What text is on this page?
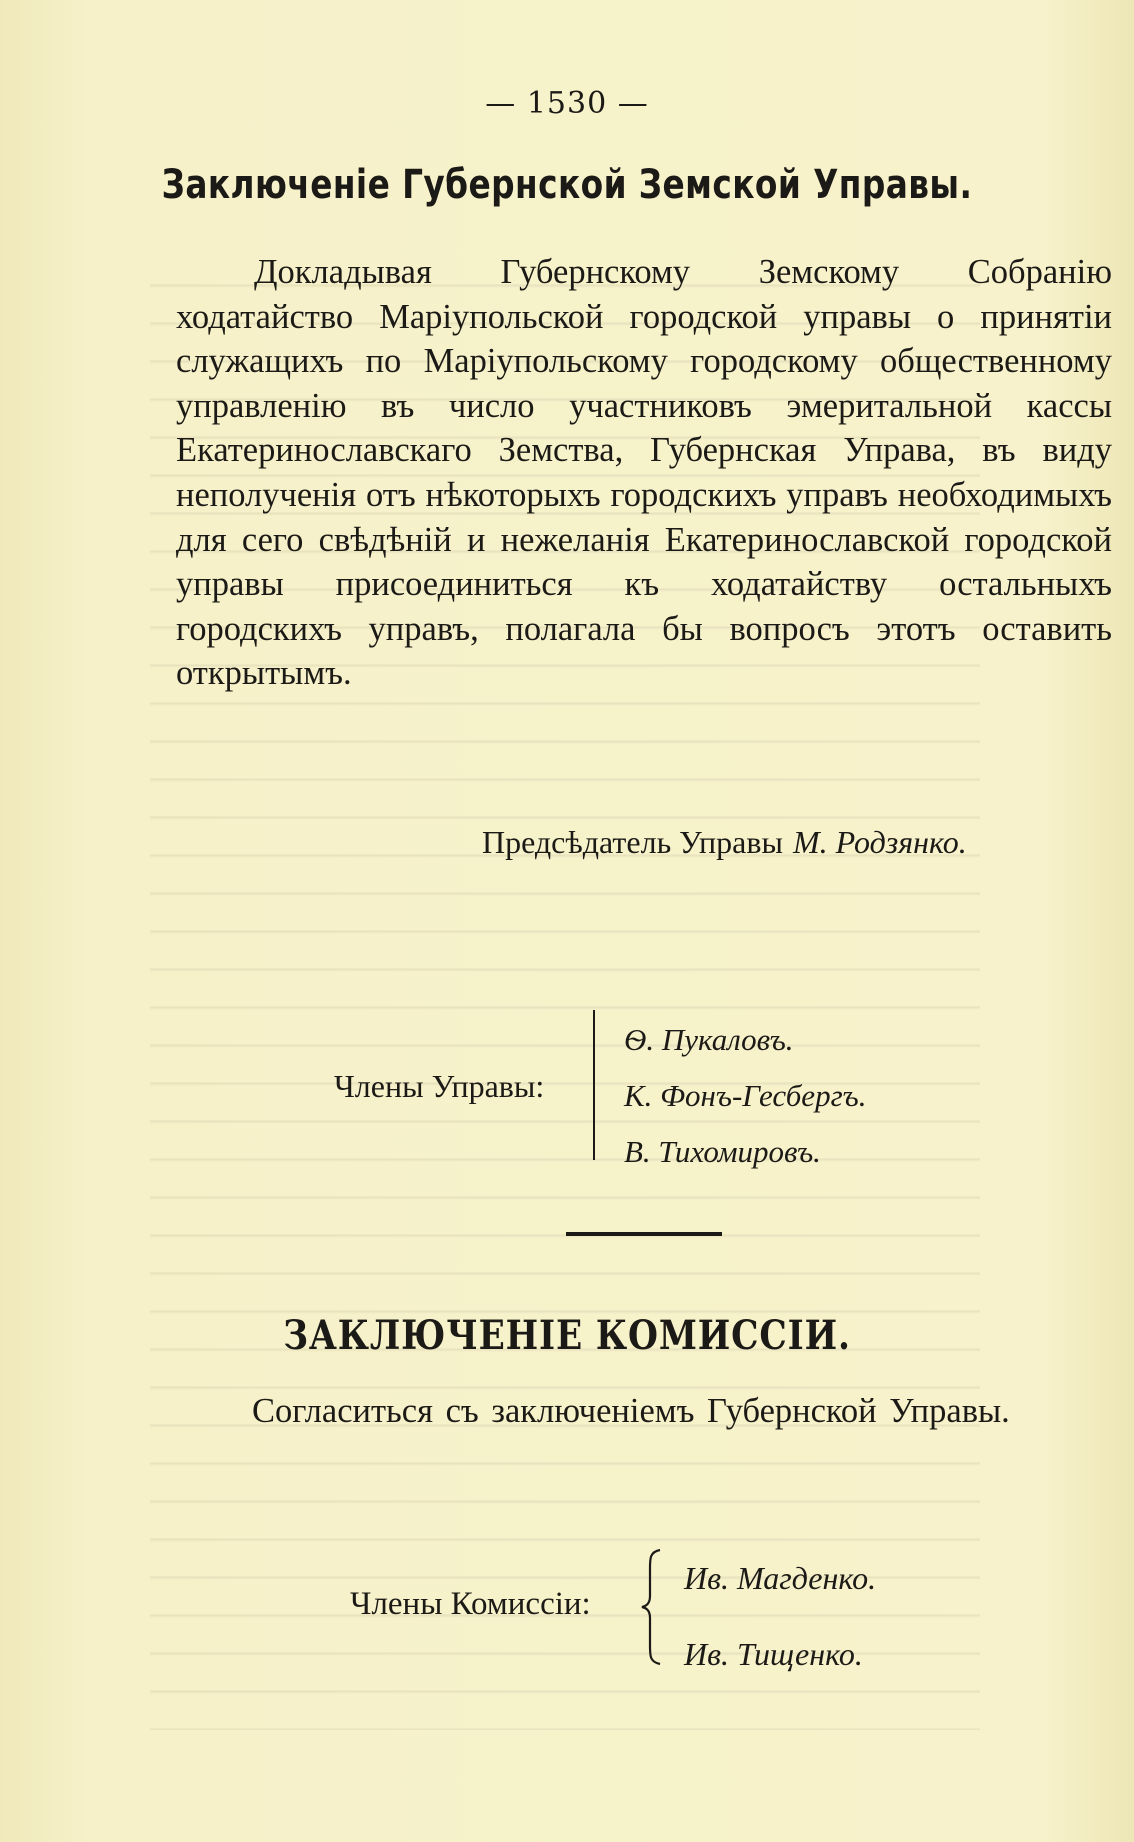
— 1530 —
Заключенiе Губернской Земской Управы.

Докладывая Губернскому Земскому Собранiю ходатайство Марiупольской городской управы о принятiи служащихъ по Марiупольскому городскому общественному управленiю въ число участниковъ эмеритальной кассы Екатеринославскаго Земства, Губернская Управа, въ виду неполученiя отъ нѣкоторыхъ городскихъ управъ необходимыхъ для сего свѣдѣнiй и нежеланiя Екатеринославской городской управы присоединиться къ ходатайству остальныхъ городскихъ управъ, полагала бы вопросъ этотъ оставить открытымъ.

Предсѣдатель Управы М. Родзянко.
Члены Управы:
Ѳ. Пукаловъ.
К. Фонъ-Гесбергъ.
В. Тихомировъ.
ЗАКЛЮЧЕНIЕ КОМИССIИ.
Согласиться съ заключенiемъ Губернской Управы.
Члены Комиссiи:
Ив. Магденко.
Ив. Тищенко.
